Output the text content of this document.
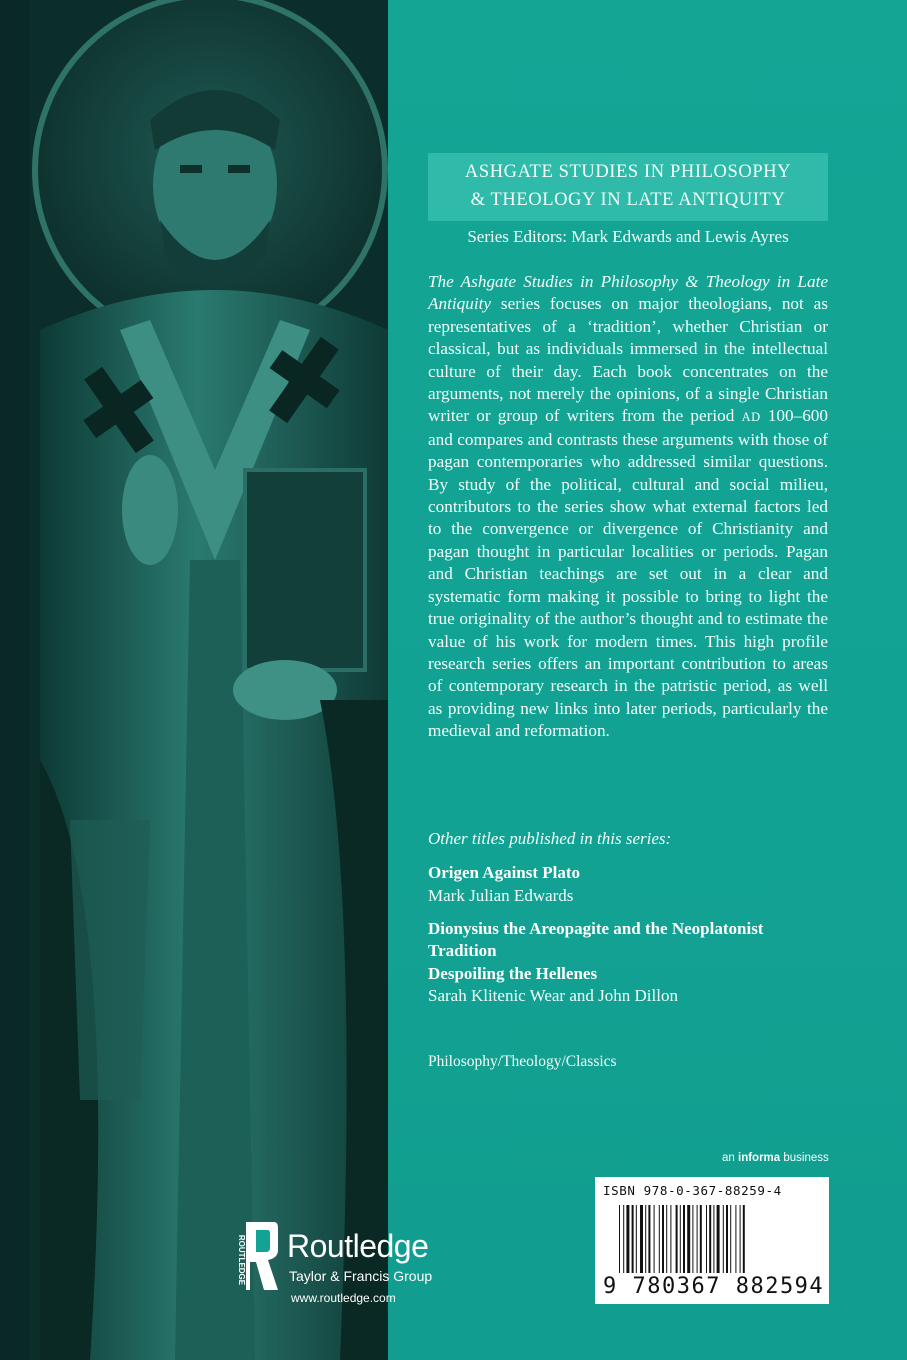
ASHGATE STUDIES IN PHILOSOPHY
& THEOLOGY IN LATE ANTIQUITY
Series Editors: Mark Edwards and Lewis Ayres
The Ashgate Studies in Philosophy & Theology in Late Antiquity series focuses on major theologians, not as representatives of a ‘tradition’, whether Christian or classical, but as individuals immersed in the intellectual culture of their day. Each book concentrates on the arguments, not merely the opinions, of a single Christian writer or group of writers from the period AD 100–600 and compares and contrasts these arguments with those of pagan contemporaries who addressed similar questions. By study of the political, cultural and social milieu, contributors to the series show what external factors led to the convergence or divergence of Christianity and pagan thought in particular localities or periods. Pagan and Christian teachings are set out in a clear and systematic form making it possible to bring to light the true originality of the author’s thought and to estimate the value of his work for modern times. This high profile research series offers an important contribution to areas of contemporary research in the patristic period, as well as providing new links into later periods, particularly the medieval and reformation.
Other titles published in this series:
Origen Against Plato
Mark Julian Edwards
Dionysius the Areopagite and the Neoplatonist Tradition
Despoiling the Hellenes
Sarah Klitenic Wear and John Dillon
Philosophy/Theology/Classics
an informa business
ISBN 978-0-367-88259-4
9 780367 882594
ROUTLEDGE Routledge
Taylor & Francis Group
www.routledge.com
